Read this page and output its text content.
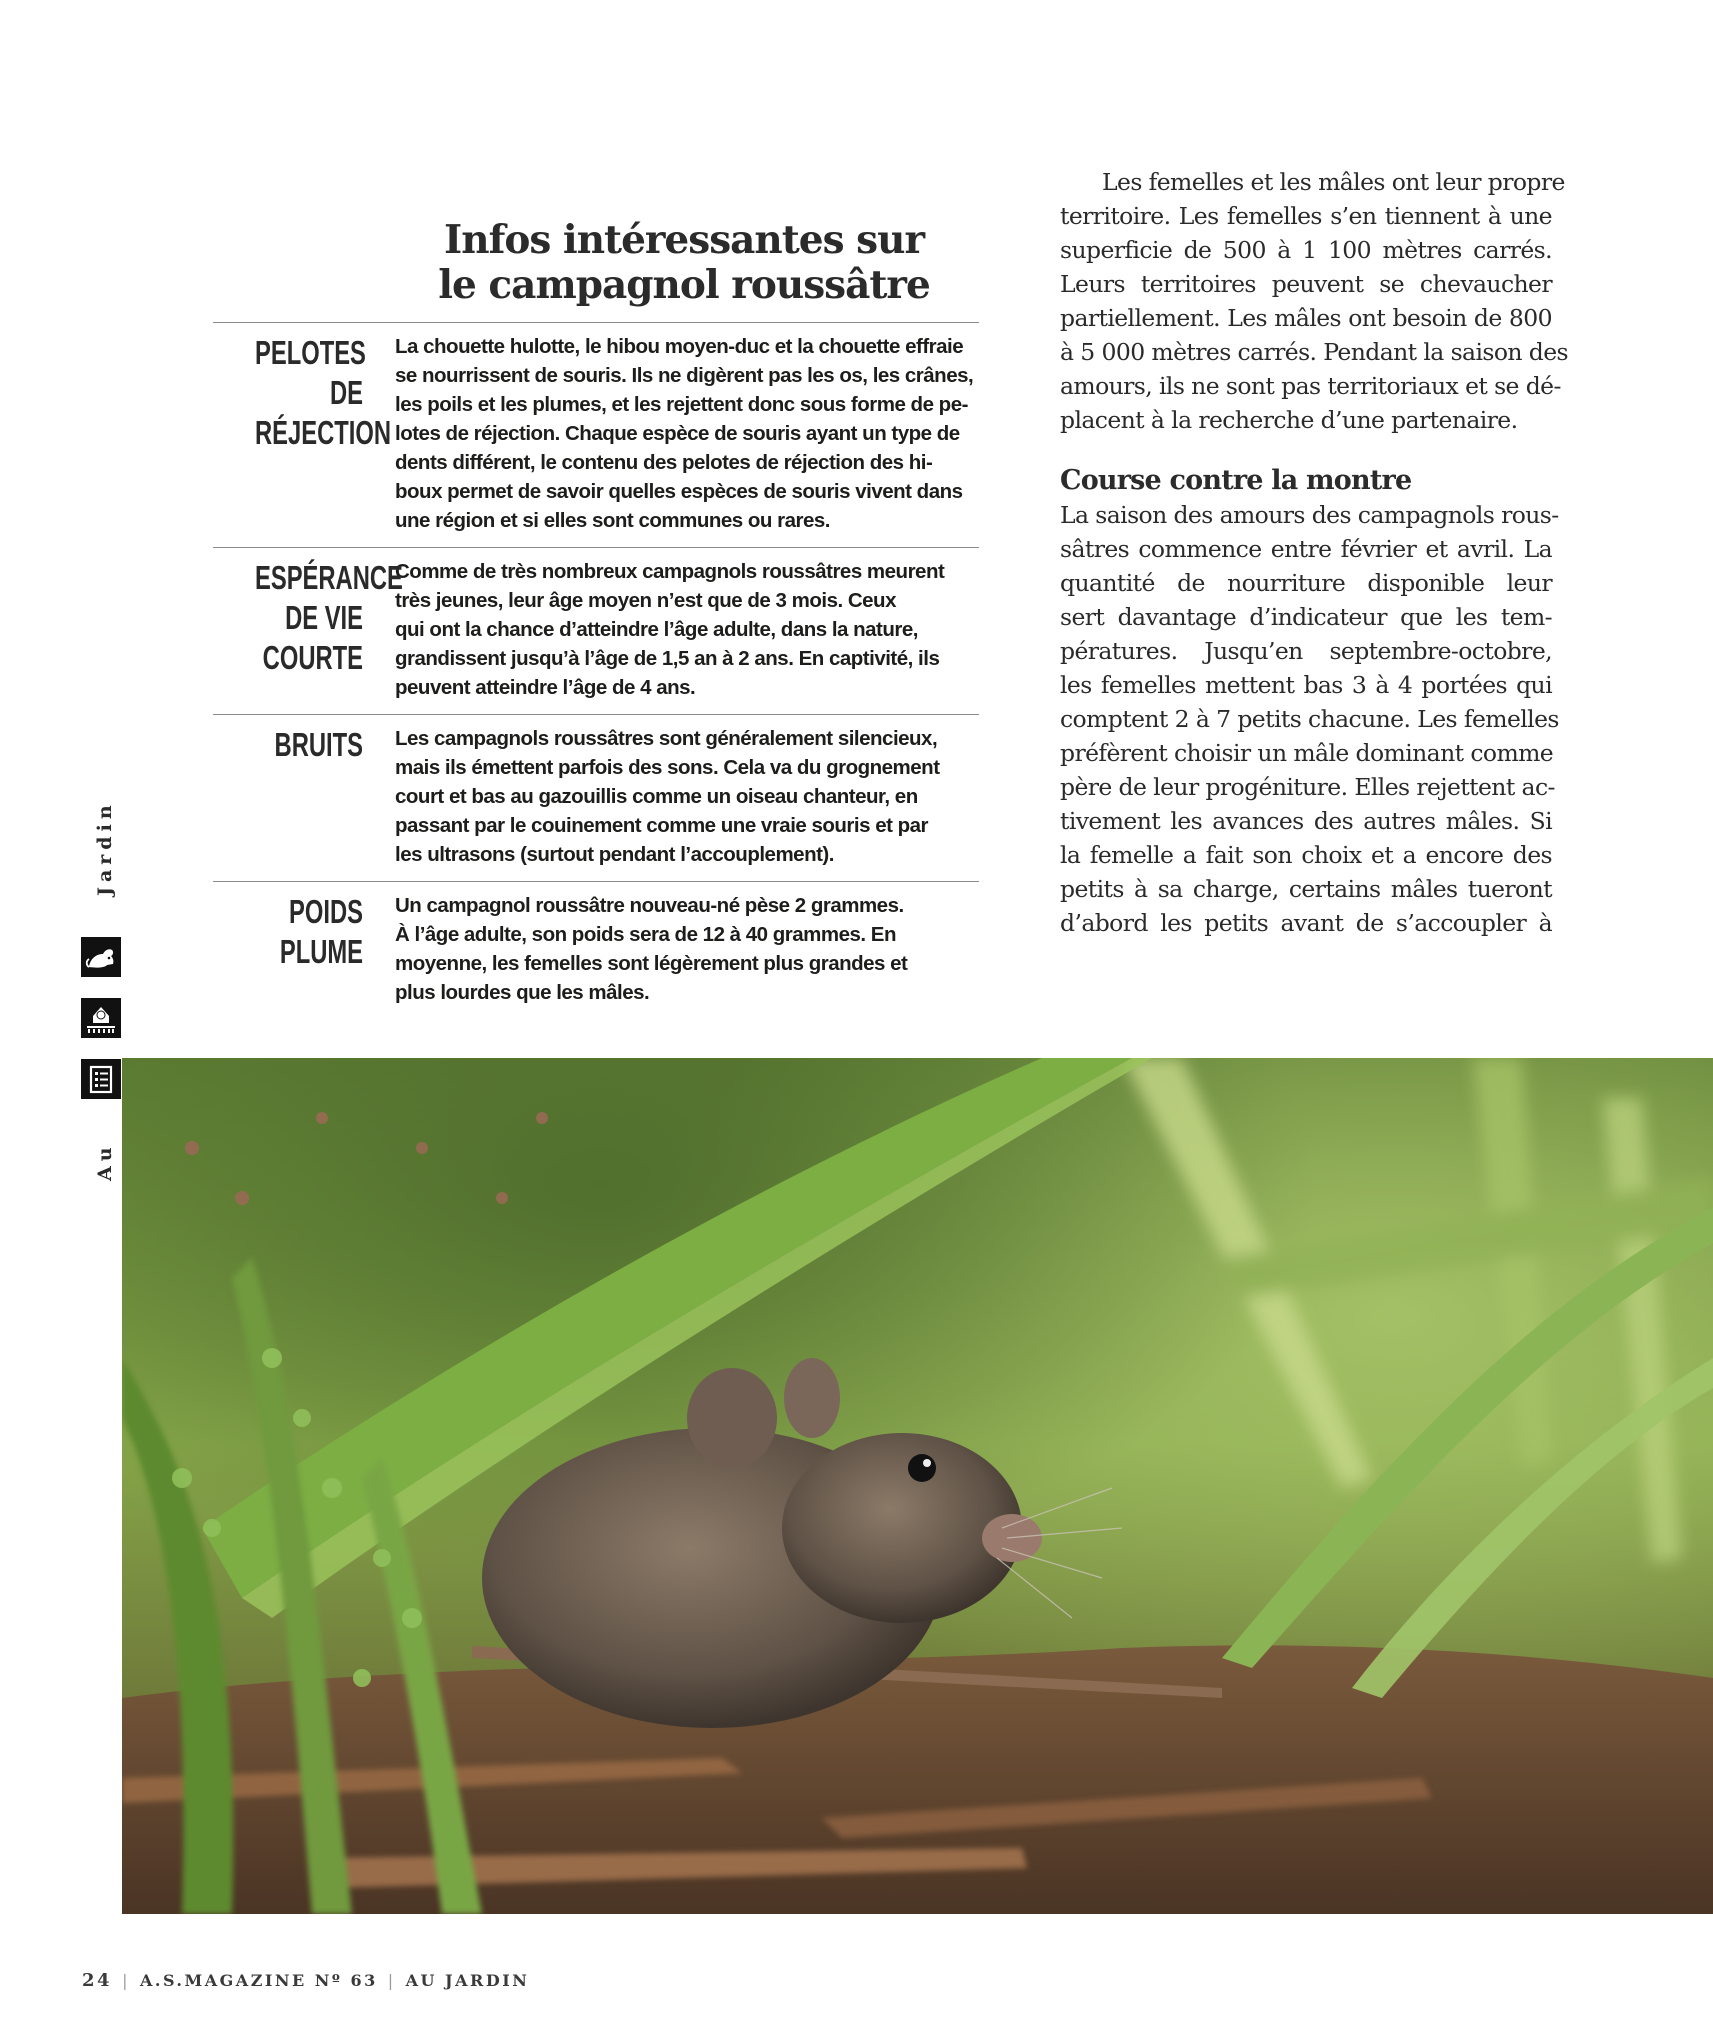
Infos intéressantes sur
le campagnol roussâtre
PELOTES DE
RÉJECTION
La chouette hulotte, le hibou moyen-duc et la chouette effraie
se nourrissent de souris. Ils ne digèrent pas les os, les crânes,
les poils et les plumes, et les rejettent donc sous forme de pe-
lotes de réjection. Chaque espèce de souris ayant un type de
dents différent, le contenu des pelotes de réjection des hi-
boux permet de savoir quelles espèces de souris vivent dans
une région et si elles sont communes ou rares.
ESPÉRANCE
DE VIE
COURTE
Comme de très nombreux campagnols roussâtres meurent
très jeunes, leur âge moyen n’est que de 3 mois. Ceux
qui ont la chance d’atteindre l’âge adulte, dans la nature,
grandissent jusqu’à l’âge de 1,5 an à 2 ans. En captivité, ils
peuvent atteindre l’âge de 4 ans.
BRUITS Les campagnols roussâtres sont généralement silencieux,
mais ils émettent parfois des sons. Cela va du grognement
court et bas au gazouillis comme un oiseau chanteur, en
passant par le couinement comme une vraie souris et par
les ultrasons (surtout pendant l’accouplement).
POIDS PLUME
Un campagnol roussâtre nouveau-né pèse 2 grammes.
À l’âge adulte, son poids sera de 12 à 40 grammes. En
moyenne, les femelles sont légèrement plus grandes et
plus lourdes que les mâles.
Les femelles et les mâles ont leur propre
territoire. Les femelles s’en tiennent à une
superficie de 500 à 1 100 mètres carrés.
Leurs territoires peuvent se chevaucher
partiellement. Les mâles ont besoin de 800
à 5 000 mètres carrés. Pendant la saison des
amours, ils ne sont pas territoriaux et se dé-
placent à la recherche d’une partenaire.
Course contre la montre
La saison des amours des campagnols rous-
sâtres commence entre février et avril. La
quantité de nourriture disponible leur
sert davantage d’indicateur que les tem-
pératures. Jusqu’en septembre-octobre,
les femelles mettent bas 3 à 4 portées qui
comptent 2 à 7 petits chacune. Les femelles
préfèrent choisir un mâle dominant comme
père de leur progéniture. Elles rejettent ac-
tivement les avances des autres mâles. Si
la femelle a fait son choix et a encore des
petits à sa charge, certains mâles tueront
d’abord les petits avant de s’accoupler à
Jardin
Au
24 | A.S.MAGAZINE Nº 63 | AU JARDIN
